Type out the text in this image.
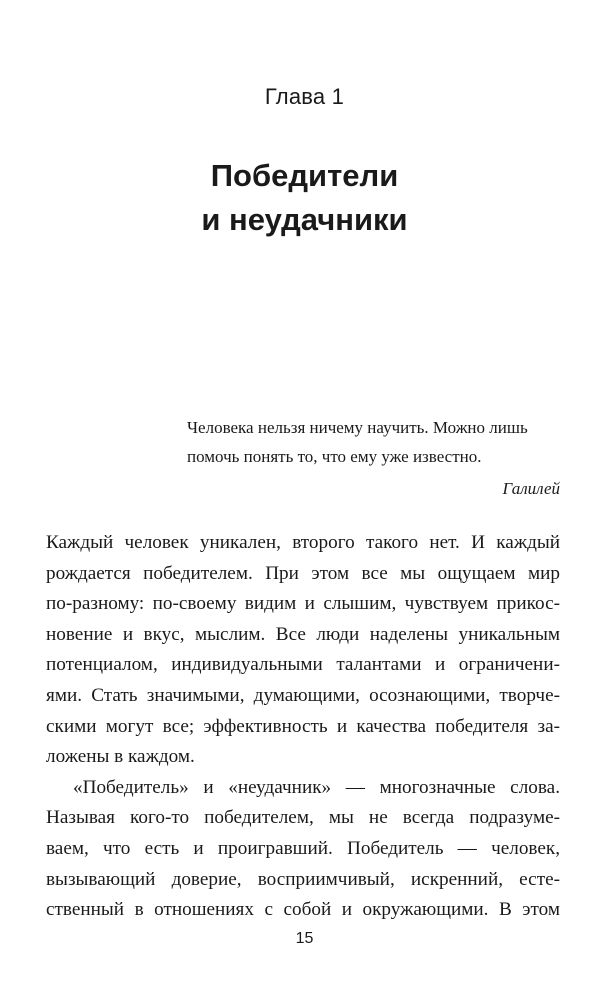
Глава 1
Победители
и неудачники
Человека нельзя ничему научить. Можно лишь
помочь понять то, что ему уже известно.
Галилей
Каждый человек уникален, второго такого нет. И каждый
рождается победителем. При этом все мы ощущаем мир
по-разному: по-своему видим и слышим, чувствуем прикос-
новение и вкус, мыслим. Все люди наделены уникальным
потенциалом, индивидуальными талантами и ограничени-
ями. Стать значимыми, думающими, осознающими, творче-
скими могут все; эффективность и качества победителя за-
ложены в каждом.
«Победитель» и «неудачник» — многозначные слова.
Называя кого-то победителем, мы не всегда подразуме-
ваем, что есть и проигравший. Победитель — человек,
вызывающий доверие, восприимчивый, искренний, есте-
ственный в отношениях с собой и окружающими. В этом
15
